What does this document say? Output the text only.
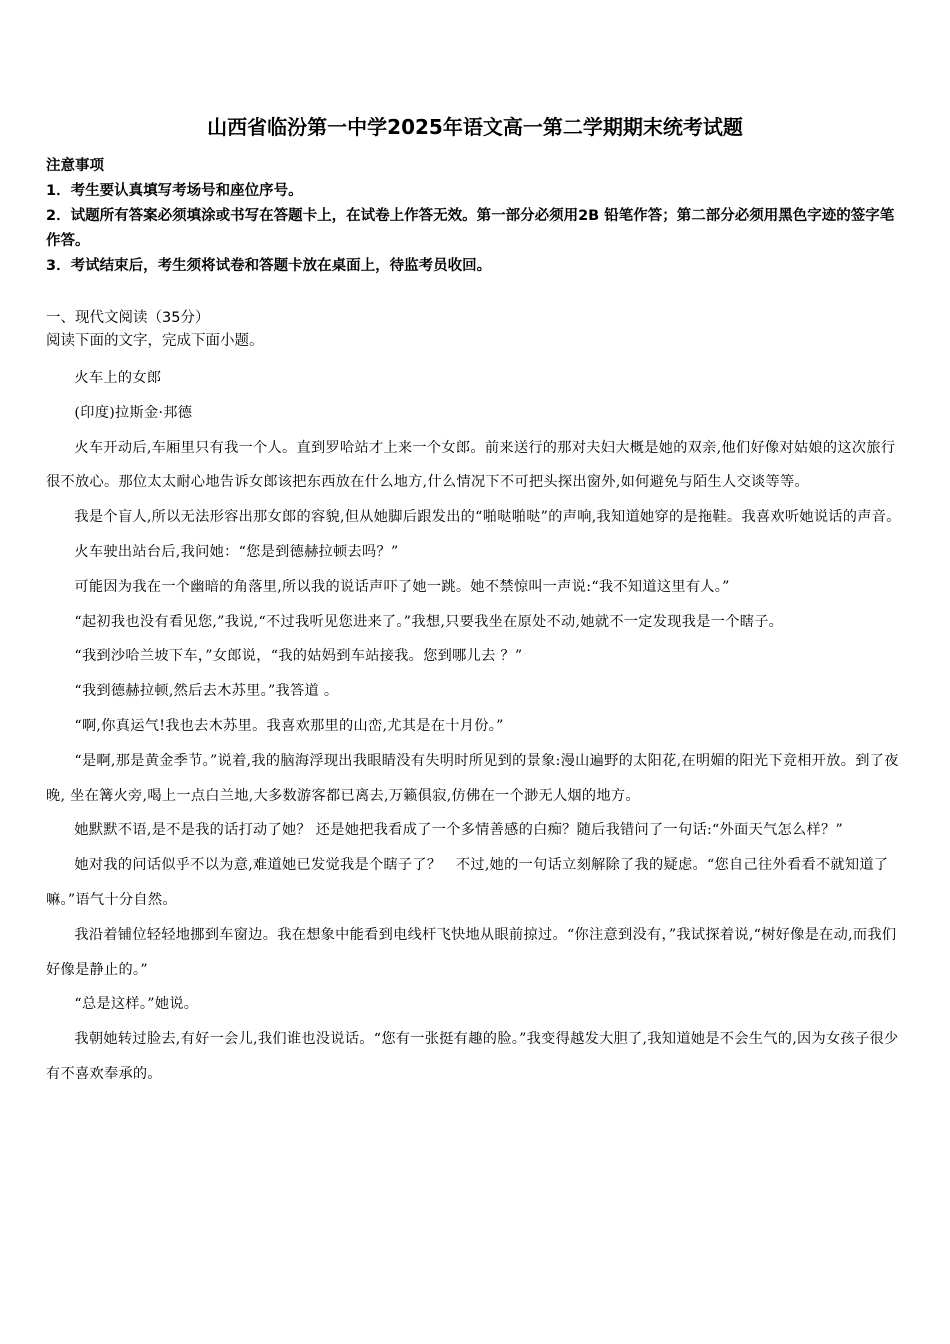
山西省临汾第一中学2025年语文高一第二学期期末统考试题
注意事项
1．考生要认真填写考场号和座位序号。
2．试题所有答案必须填涂或书写在答题卡上，在试卷上作答无效。第一部分必须用2B 铅笔作答；第二部分必须用黑色字迹的签字笔作答。
3．考试结束后，考生须将试卷和答题卡放在桌面上，待监考员收回。
一、现代文阅读（35分）
阅读下面的文字，完成下面小题。

火车上的女郎

(印度)拉斯金·邦德

火车开动后,车厢里只有我一个人。直到罗哈站才上来一个女郎。前来送行的那对夫妇大概是她的双亲,他们好像对姑娘的这次旅行很不放心。那位太太耐心地告诉女郎该把东西放在什么地方,什么情况下不可把头探出窗外,如何避免与陌生人交谈等等。

我是个盲人,所以无法形容出那女郎的容貌,但从她脚后跟发出的“啪哒啪哒”的声响,我知道她穿的是拖鞋。我喜欢听她说话的声音。

火车驶出站台后,我问她：“您是到德赫拉顿去吗？”

可能因为我在一个幽暗的角落里,所以我的说话声吓了她一跳。她不禁惊叫一声说:“我不知道这里有人。”

“起初我也没有看见您,”我说,“不过我听见您进来了。”我想,只要我坐在原处不动,她就不一定发现我是一个瞎子。

“我到沙哈兰坡下车，”女郎说，“我的姑妈到车站接我。您到哪儿去 ？”

“我到德赫拉顿,然后去木苏里。”我答道 。

“啊,你真运气!我也去木苏里。我喜欢那里的山峦,尤其是在十月份。”

“是啊,那是黄金季节。”说着,我的脑海浮现出我眼睛没有失明时所见到的景象:漫山遍野的太阳花,在明媚的阳光下竞相开放。到了夜晚, 坐在篝火旁,喝上一点白兰地,大多数游客都已离去,万籁俱寂,仿佛在一个渺无人烟的地方。

她默默不语,是不是我的话打动了她？ 还是她把我看成了一个多情善感的白痴？随后我错问了一句话:“外面天气怎么样？”

她对我的问话似乎不以为意,难道她已发觉我是个瞎子了？　不过,她的一句话立刻解除了我的疑虑。“您自己往外看看不就知道了嘛。”语气十分自然。

我沿着铺位轻轻地挪到车窗边。我在想象中能看到电线杆飞快地从眼前掠过。“你注意到没有，”我试探着说,“树好像是在动,而我们好像是静止的。”

“总是这样。”她说。

我朝她转过脸去,有好一会儿,我们谁也没说话。“您有一张挺有趣的脸。”我变得越发大胆了,我知道她是不会生气的,因为女孩子很少有不喜欢奉承的。
